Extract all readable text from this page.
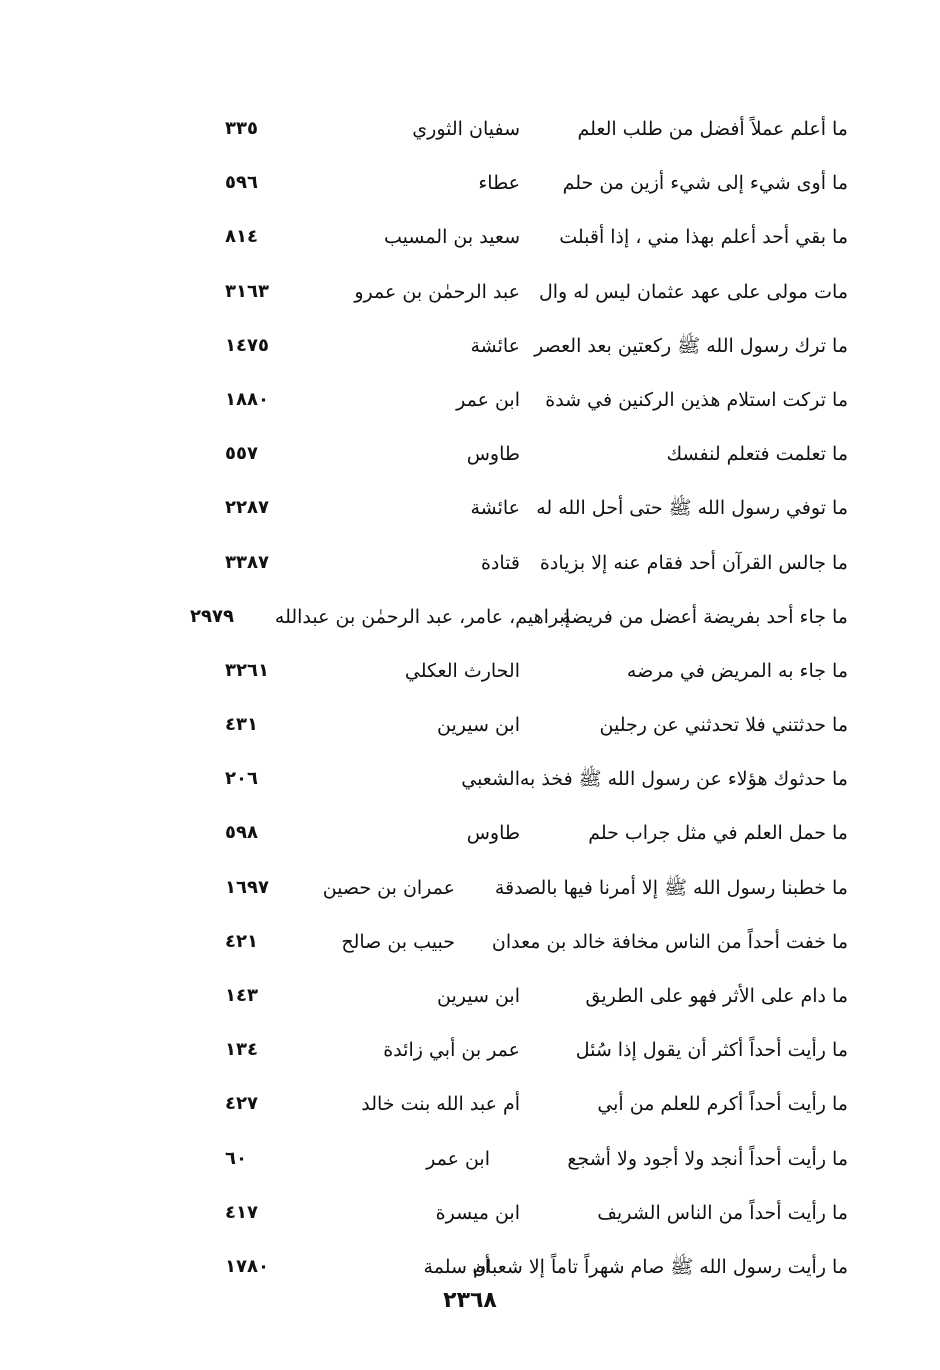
ما أعلم عملاً أفضل من طلب العلم
سفيان الثوري
٣٣٥
ما أوى شيء إلى شيء أزين من حلم
عطاء
٥٩٦
ما بقي أحد أعلم بهذا مني ، إذا أقبلت
سعيد بن المسيب
٨١٤
مات مولى على عهد عثمان ليس له وال
عبد الرحمٰن بن عمرو
٣١٦٣
ما ترك رسول الله ﷺ ركعتين بعد العصر
عائشة
١٤٧٥
ما تركت استلام هذين الركنين في شدة
ابن عمر
١٨٨٠
ما تعلمت فتعلم لنفسك
طاوس
٥٥٧
ما توفي رسول الله ﷺ حتى أحل الله له
عائشة
٢٢٨٧
ما جالس القرآن أحد فقام عنه إلا بزيادة
قتادة
٣٣٨٧
ما جاء أحد بفريضة أعضل من فريضة
إبراهيم، عامر، عبد الرحمٰن بن عبدالله
٢٩٧٩
ما جاء به المريض في مرضه
الحارث العكلي
٣٢٦١
ما حدثتني فلا تحدثني عن رجلين
ابن سيرين
٤٣١
ما حدثوك هؤلاء عن رسول الله ﷺ فخذ به
الشعبي
٢٠٦
ما حمل العلم في مثل جراب حلم
طاوس
٥٩٨
ما خطبنا رسول الله ﷺ إلا أمرنا فيها بالصدقة
عمران بن حصين
١٦٩٧
ما خفت أحداً من الناس مخافة خالد بن معدان
حبيب بن صالح
٤٢١
ما دام على الأثر فهو على الطريق
ابن سيرين
١٤٣
ما رأيت أحداً أكثر أن يقول إذا سُئل
عمر بن أبي زائدة
١٣٤
ما رأيت أحداً أكرم للعلم من أبي
أم عبد الله بنت خالد
٤٢٧
ما رأيت أحداً أنجد ولا أجود ولا أشجع
ابن عمر
٦٠
ما رأيت أحداً من الناس الشريف
ابن ميسرة
٤١٧
ما رأيت رسول الله ﷺ صام شهراً تاماً إلا شعبان
أم سلمة
١٧٨٠
٢٣٦٨
